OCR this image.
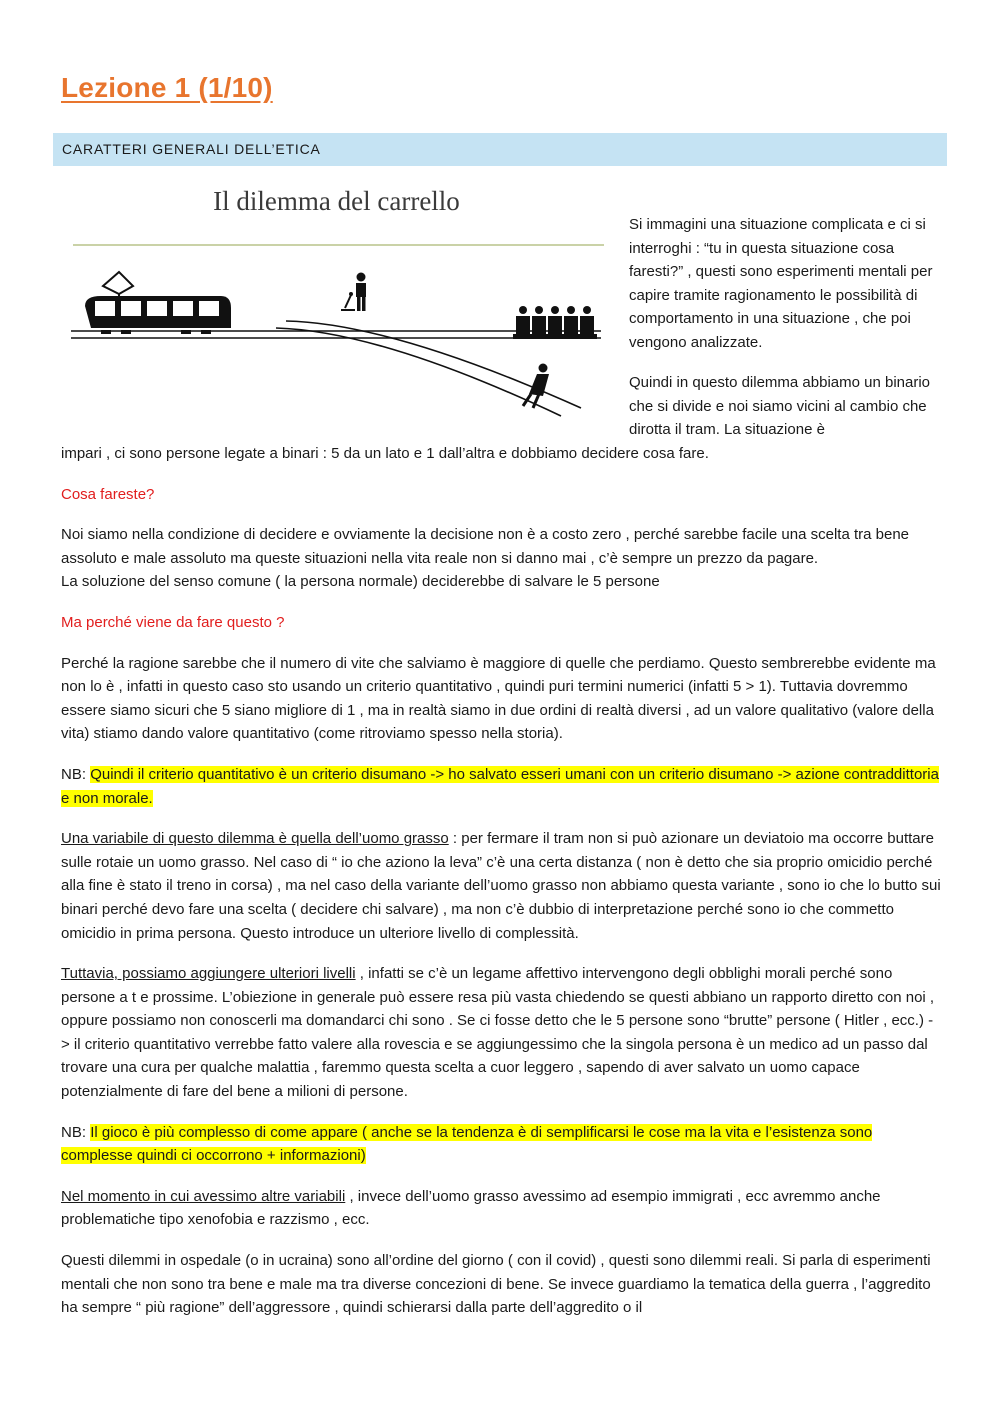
Lezione 1 (1/10)
CARATTERI GENERALI DELL’ETICA
Il dilemma del carrello

Si immagini una situazione complicata e ci si interroghi : “tu in questa situazione cosa faresti?” , questi sono esperimenti mentali per capire tramite ragionamento le possibilità di comportamento in una situazione , che poi vengono analizzate.

Quindi in questo dilemma abbiamo un binario che si divide e noi siamo vicini al cambio che dirotta il tram. La situazione è

impari , ci sono persone legate a binari : 5 da un lato e 1 dall’altra e dobbiamo decidere cosa fare.

Cosa fareste?

Noi siamo nella condizione di decidere e ovviamente la decisione non è a costo zero , perché sarebbe facile una scelta tra bene assoluto e male assoluto ma queste situazioni nella vita reale non si danno mai , c’è sempre un prezzo da pagare.
La soluzione del senso comune ( la persona normale) deciderebbe di salvare le 5 persone

Ma perché viene da fare questo ?

Perché la ragione sarebbe che il numero di vite che salviamo è maggiore di quelle che perdiamo. Questo sembrerebbe evidente ma non lo è , infatti in questo caso sto usando un criterio quantitativo , quindi puri termini numerici (infatti 5 > 1). Tuttavia dovremmo essere siamo sicuri che 5 siano migliore di 1 , ma in realtà siamo in due ordini di realtà diversi , ad un valore qualitativo (valore della vita) stiamo dando valore quantitativo (come ritroviamo spesso nella storia).

NB: Quindi il criterio quantitativo è un criterio disumano -> ho salvato esseri umani con un criterio disumano -> azione contraddittoria e non morale.

Una variabile di questo dilemma è quella dell’uomo grasso : per fermare il tram non si può azionare un deviatoio ma occorre buttare sulle rotaie un uomo grasso. Nel caso di “ io che aziono la leva” c’è una certa distanza ( non è detto che sia proprio omicidio perché alla fine è stato il treno in corsa) , ma nel caso della variante dell’uomo grasso non abbiamo questa variante , sono io che lo butto sui binari perché devo fare una scelta ( decidere chi salvare) , ma non c’è dubbio di interpretazione perché sono io che commetto omicidio in prima persona. Questo introduce un ulteriore livello di complessità.

Tuttavia, possiamo aggiungere ulteriori livelli , infatti se c’è un legame affettivo intervengono degli obblighi morali perché sono persone a t e prossime. L’obiezione in generale può essere resa più vasta chiedendo se questi abbiano un rapporto diretto con noi , oppure possiamo non conoscerli ma domandarci chi sono . Se ci fosse detto che le 5 persone sono “brutte” persone ( Hitler , ecc.) -> il criterio quantitativo verrebbe fatto valere alla rovescia e se aggiungessimo che la singola persona è un medico ad un passo dal trovare una cura per qualche malattia , faremmo questa scelta a cuor leggero , sapendo di aver salvato un uomo capace potenzialmente di fare del bene a milioni di persone.

NB: Il gioco è più complesso di come appare ( anche se la tendenza è di semplificarsi le cose ma la vita e l’esistenza sono complesse quindi ci occorrono + informazioni)

Nel momento in cui avessimo altre variabili , invece dell’uomo grasso avessimo ad esempio immigrati , ecc avremmo anche problematiche tipo xenofobia e razzismo , ecc.

Questi dilemmi in ospedale (o in ucraina) sono all’ordine del giorno ( con il covid) , questi sono dilemmi reali. Si parla di esperimenti mentali che non sono tra bene e male ma tra diverse concezioni di bene. Se invece guardiamo la tematica della guerra , l’aggredito ha sempre “ più ragione” dell’aggressore , quindi schierarsi dalla parte dell’aggredito o il
